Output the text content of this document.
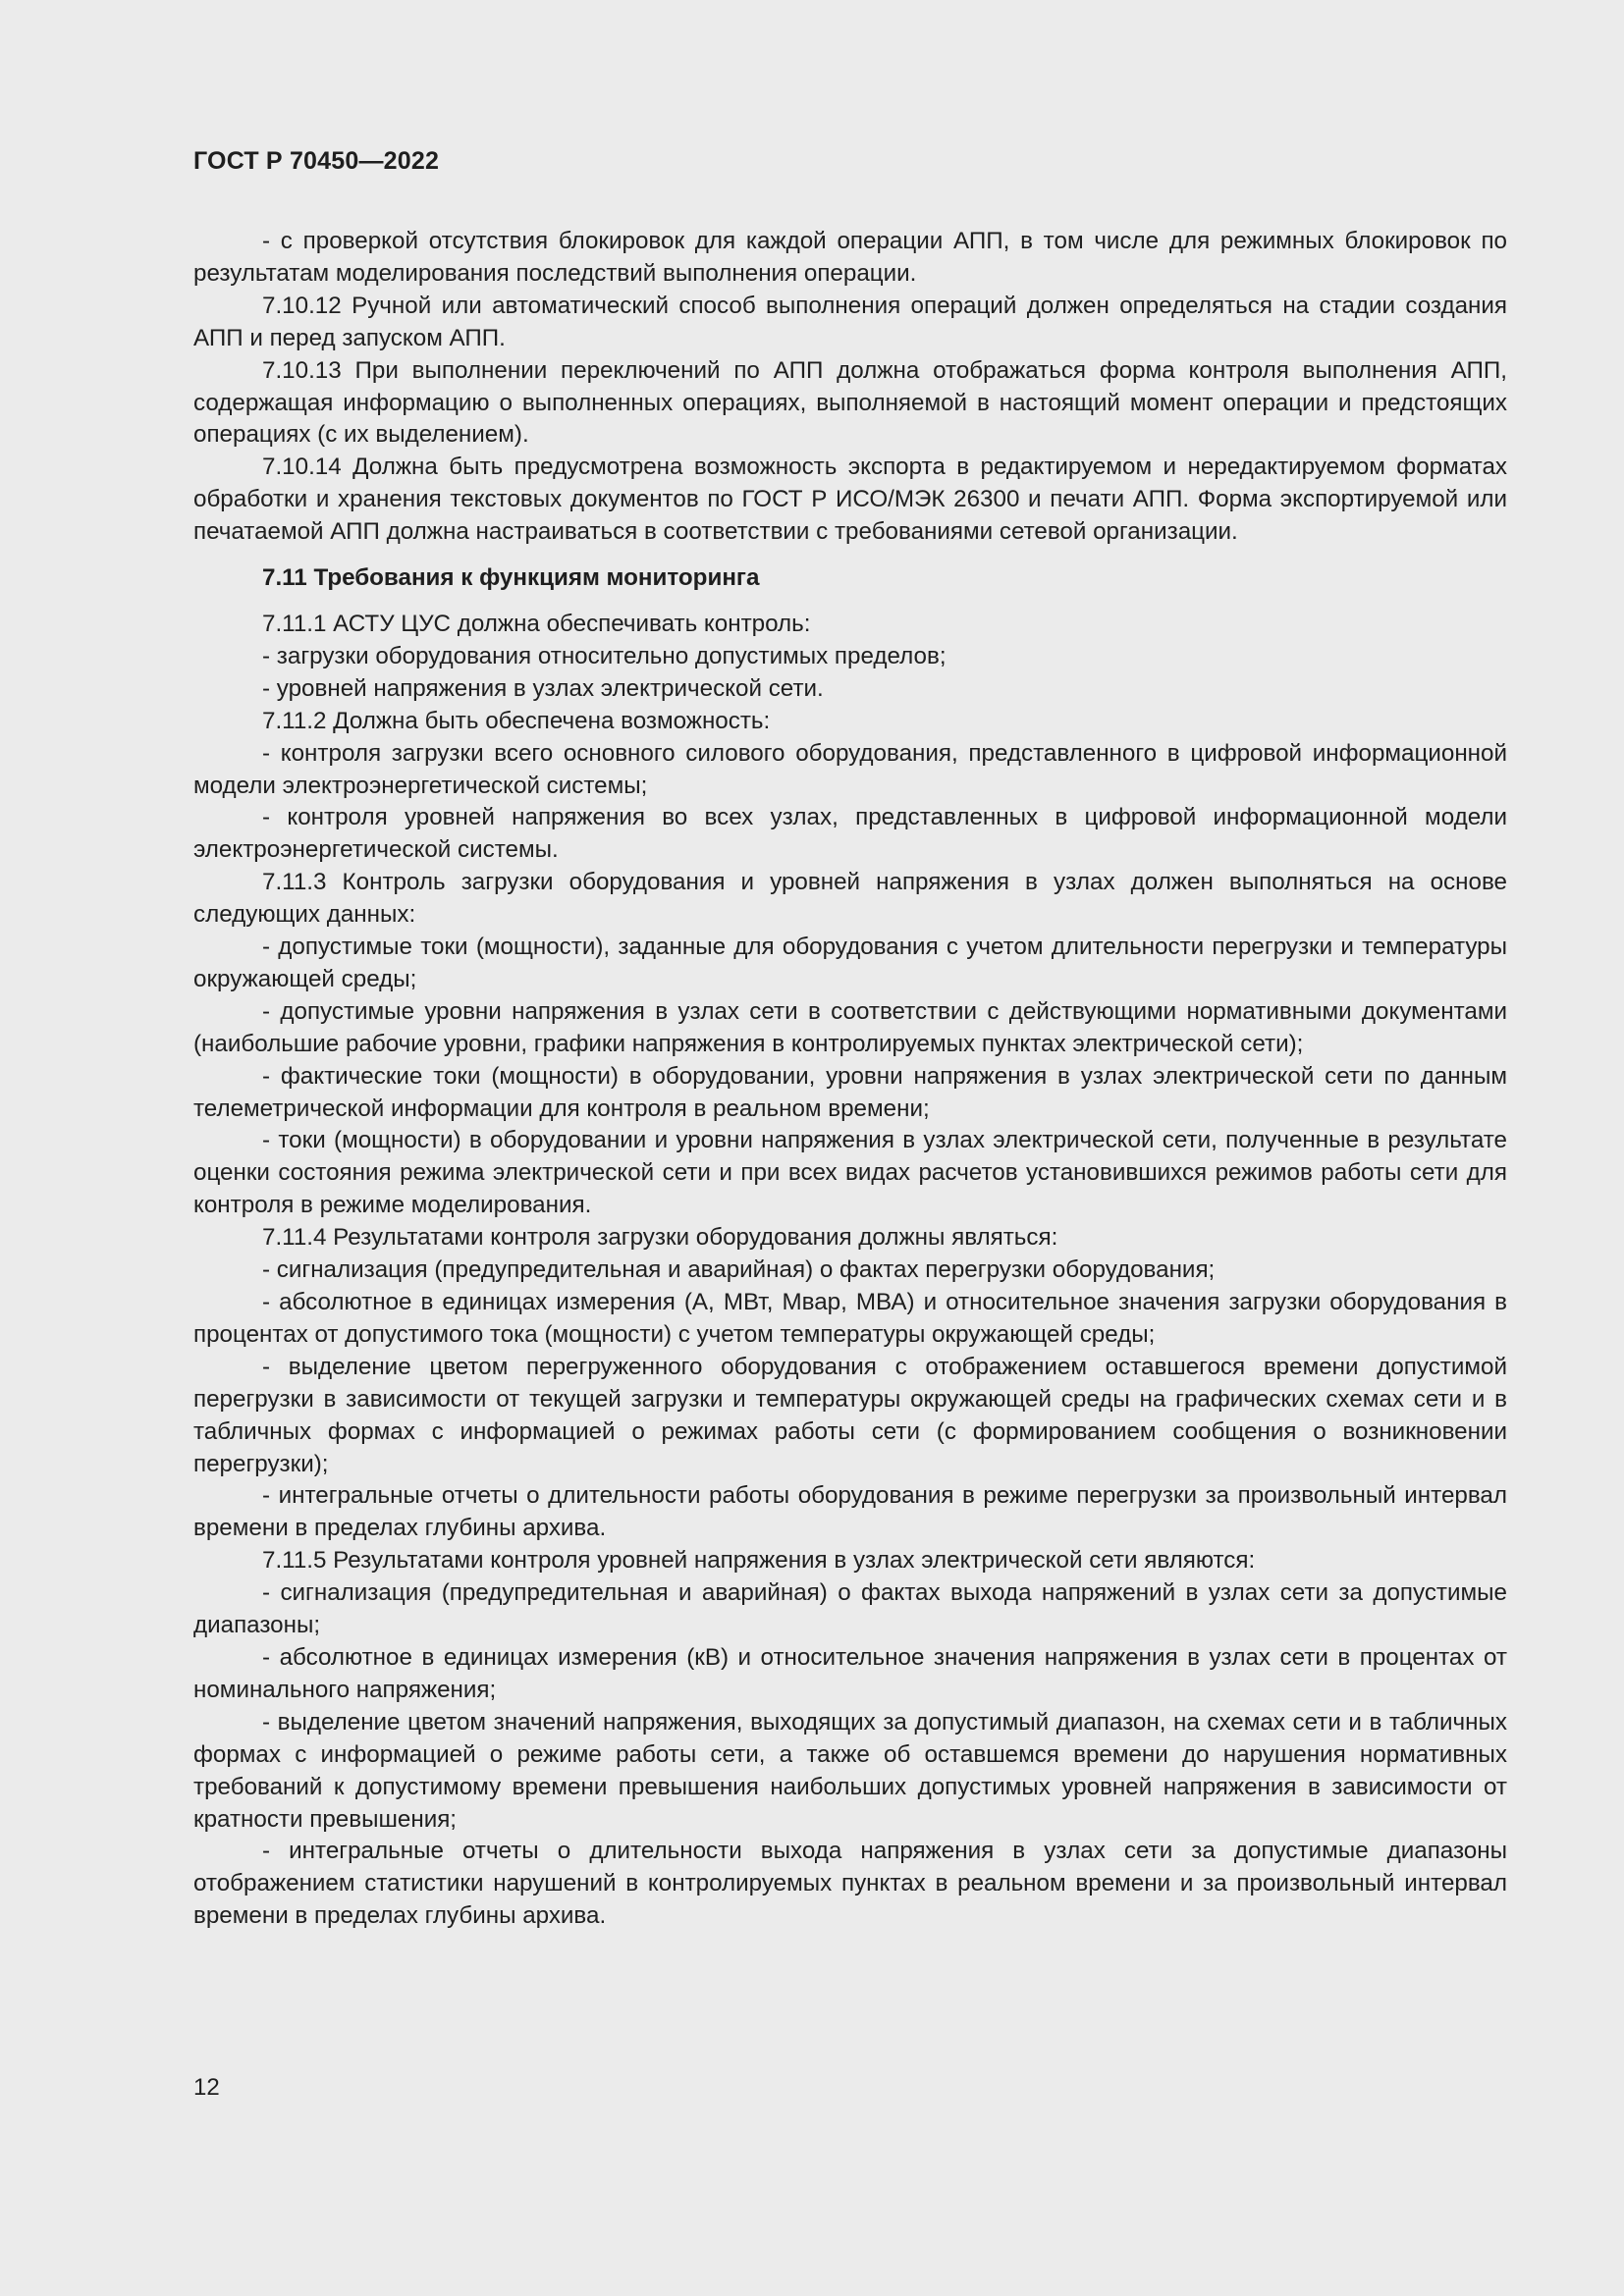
ГОСТ Р 70450—2022

- с проверкой отсутствия блокировок для каждой операции АПП, в том числе для режимных блокировок по результатам моделирования последствий выполнения операции.

7.10.12 Ручной или автоматический способ выполнения операций должен определяться на стадии создания АПП и перед запуском АПП.

7.10.13 При выполнении переключений по АПП должна отображаться форма контроля выполнения АПП, содержащая информацию о выполненных операциях, выполняемой в настоящий момент операции и предстоящих операциях (с их выделением).

7.10.14 Должна быть предусмотрена возможность экспорта в редактируемом и нередактируемом форматах обработки и хранения текстовых документов по ГОСТ Р ИСО/МЭК 26300 и печати АПП. Форма экспортируемой или печатаемой АПП должна настраиваться в соответствии с требованиями сетевой организации.

7.11 Требования к функциям мониторинга

7.11.1 АСТУ ЦУС должна обеспечивать контроль:

- загрузки оборудования относительно допустимых пределов;

- уровней напряжения в узлах электрической сети.

7.11.2 Должна быть обеспечена возможность:

- контроля загрузки всего основного силового оборудования, представленного в цифровой информационной модели электроэнергетической системы;

- контроля уровней напряжения во всех узлах, представленных в цифровой информационной модели электроэнергетической системы.

7.11.3 Контроль загрузки оборудования и уровней напряжения в узлах должен выполняться на основе следующих данных:

- допустимые токи (мощности), заданные для оборудования с учетом длительности перегрузки и температуры окружающей среды;

- допустимые уровни напряжения в узлах сети в соответствии с действующими нормативными документами (наибольшие рабочие уровни, графики напряжения в контролируемых пунктах электрической сети);

- фактические токи (мощности) в оборудовании, уровни напряжения в узлах электрической сети по данным телеметрической информации для контроля в реальном времени;

- токи (мощности) в оборудовании и уровни напряжения в узлах электрической сети, полученные в результате оценки состояния режима электрической сети и при всех видах расчетов установившихся режимов работы сети для контроля в режиме моделирования.

7.11.4 Результатами контроля загрузки оборудования должны являться:

- сигнализация (предупредительная и аварийная) о фактах перегрузки оборудования;

- абсолютное в единицах измерения (А, МВт, Мвар, МВА) и относительное значения загрузки оборудования в процентах от допустимого тока (мощности) с учетом температуры окружающей среды;

- выделение цветом перегруженного оборудования с отображением оставшегося времени допустимой перегрузки в зависимости от текущей загрузки и температуры окружающей среды на графических схемах сети и в табличных формах с информацией о режимах работы сети (с формированием сообщения о возникновении перегрузки);

- интегральные отчеты о длительности работы оборудования в режиме перегрузки за произвольный интервал времени в пределах глубины архива.

7.11.5 Результатами контроля уровней напряжения в узлах электрической сети являются:

- сигнализация (предупредительная и аварийная) о фактах выхода напряжений в узлах сети за допустимые диапазоны;

- абсолютное в единицах измерения (кВ) и относительное значения напряжения в узлах сети в процентах от номинального напряжения;

- выделение цветом значений напряжения, выходящих за допустимый диапазон, на схемах сети и в табличных формах с информацией о режиме работы сети, а также об оставшемся времени до нарушения нормативных требований к допустимому времени превышения наибольших допустимых уровней напряжения в зависимости от кратности превышения;

- интегральные отчеты о длительности выхода напряжения в узлах сети за допустимые диапазоны отображением статистики нарушений в контролируемых пунктах в реальном времени и за произвольный интервал времени в пределах глубины архива.

12
